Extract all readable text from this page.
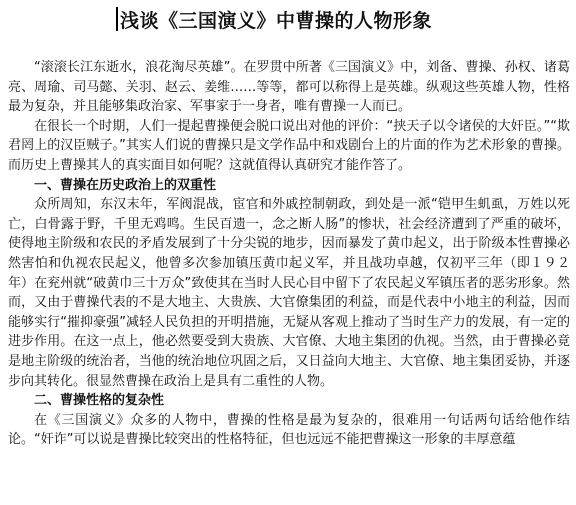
浅谈《三国演义》中曹操的人物形象

“滚滚长江东逝水，浪花淘尽英雄”。在罗贯中所著《三国演义》中，刘备、曹操、孙权、诸葛亮、周瑜、司马懿、关羽、赵云、姜维……等等，都可以称得上是英雄。纵观这些英雄人物，性格最为复杂，并且能够集政治家、军事家于一身者，唯有曹操一人而已。

在很长一个时期，人们一提起曹操便会脱口说出对他的评价：“挟天子以令诸侯的大奸臣。”“欺君罔上的汉臣贼子。”其实人们说的曹操只是文学作品中和戏剧台上的片面的作为艺术形象的曹操。而历史上曹操其人的真实面目如何呢？这就值得认真研究才能作答了。

一、曹操在历史政治上的双重性

众所周知，东汉末年，军阀混战，宦官和外戚控制朝政，到处是一派“铠甲生虮虱，万姓以死亡，白骨露于野，千里无鸡鸣。生民百遗一，念之断人肠”的惨状，社会经济遭到了严重的破坏，使得地主阶级和农民的矛盾发展到了十分尖锐的地步，因而暴发了黄巾起义，出于阶级本性曹操必然害怕和仇视农民起义，他曾多次参加镇压黄巾起义军，并且战功卓越，仅初平三年（即１９２年）在兖州就“破黄巾三十万众”致使其在当时人民心目中留下了农民起义军镇压者的恶劣形象。然而，又由于曹操代表的不是大地主、大贵族、大官僚集团的利益，而是代表中小地主的利益，因而能够实行“摧抑豪强”减轻人民负担的开明措施，无疑从客观上推动了当时生产力的发展，有一定的进步作用。在这一点上，他必然要受到大贵族、大官僚、大地主集团的仇视。当然，由于曹操必竟是地主阶级的统治者，当他的统治地位巩固之后，又日益向大地主、大官僚、地主集团妥协，并逐步向其转化。很显然曹操在政治上是具有二重性的人物。

二、曹操性格的复杂性

在《三国演义》众多的人物中，曹操的性格是最为复杂的，很难用一句话两句话给他作结论。“奸诈”可以说是曹操比较突出的性格特征，但也远远不能把曹操这一形象的丰厚意蕴
